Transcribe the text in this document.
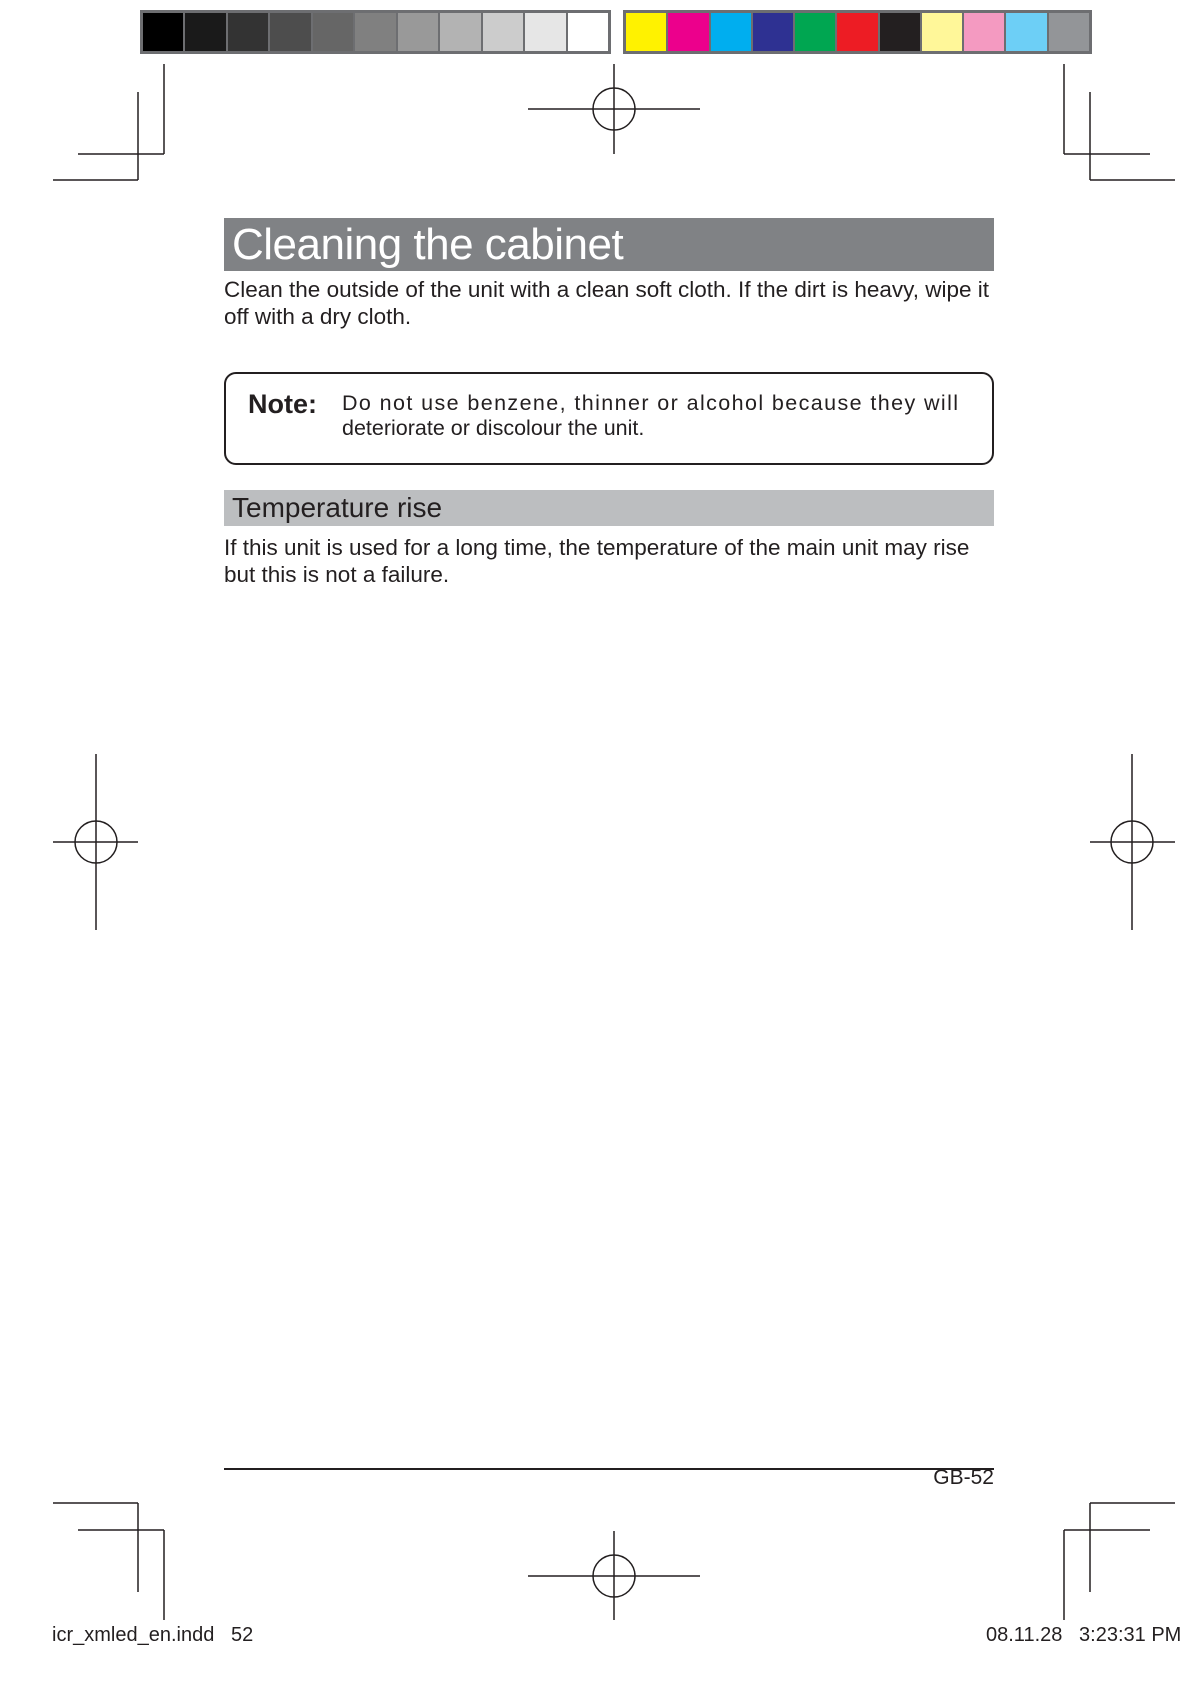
Cleaning the cabinet
Clean the outside of the unit with a clean soft cloth. If the dirt is heavy, wipe it off with a dry cloth.
Note: Do not use benzene, thinner or alcohol because they will
deteriorate or discolour the unit.
Temperature rise
If this unit is used for a long time, the temperature of the main unit may rise but this is not a failure.
GB-52
icr_xmled_en.indd   52	08.11.28   3:23:31 PM
